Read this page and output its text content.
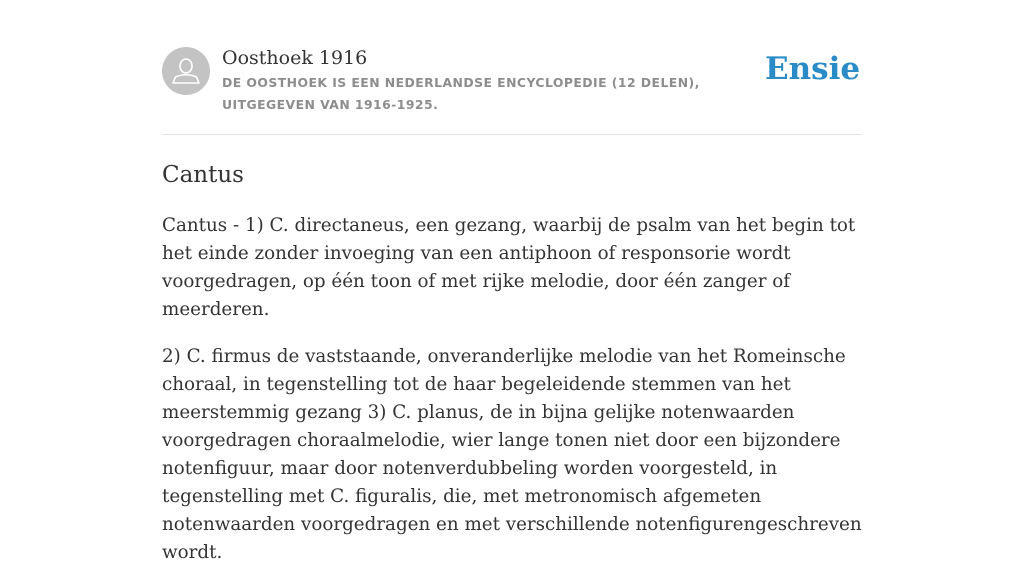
Oosthoek 1916
DE OOSTHOEK IS EEN NEDERLANDSE ENCYCLOPEDIE (12 DELEN), UITGEGEVEN VAN 1916-1925.
Ensie
Cantus

Cantus - 1) C. directaneus, een gezang, waarbij de psalm van het begin tot het einde zonder invoeging van een antiphoon of responsorie wordt voorgedragen, op één toon of met rijke melodie, door één zanger of meerderen.

2) C. firmus de vaststaande, onveranderlijke melodie van het Romeinsche choraal, in tegenstelling tot de haar begeleidende stemmen van het meerstemmig gezang 3) C. planus, de in bijna gelijke notenwaarden voorgedragen choraalmelodie, wier lange tonen niet door een bijzondere notenfiguur, maar door notenverdubbeling worden voorgesteld, in tegenstelling met C. figuralis, die, met metronomisch afgemeten notenwaarden voorgedragen en met verschillende notenfigurengeschreven wordt.
